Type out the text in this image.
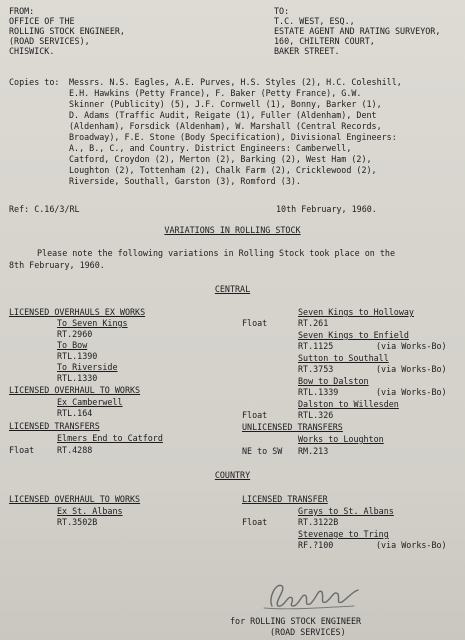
FROM:
OFFICE OF THE
ROLLING STOCK ENGINEER,
(ROAD SERVICES),
CHISWICK.
TO:
T.C. WEST, ESQ.,
ESTATE AGENT AND RATING SURVEYOR,
160, CHILTERN COURT,
BAKER STREET.
Copies to: Messrs. N.S. Eagles, A.E. Purves, H.S. Styles (2), H.C. Coleshill,
E.H. Hawkins (Petty France), F. Baker (Petty France), G.W.
Skinner (Publicity) (5), J.F. Cornwell (1), Bonny, Barker (1),
D. Adams (Traffic Audit, Reigate (1), Fuller (Aldenham), Dent
(Aldenham), Forsdick (Aldenham), W. Marshall (Central Records,
Broadway), F.E. Stone (Body Specification), Divisional Engineers:
A., B., C., and Country. District Engineers: Camberwell,
Catford, Croydon (2), Merton (2), Barking (2), West Ham (2),
Loughton (2), Tottenham (2), Chalk Farm (2), Cricklewood (2),
Riverside, Southall, Garston (3), Romford (3).
Ref: C.16/3/RL	10th February, 1960.
VARIATIONS IN ROLLING STOCK
Please note the following variations in Rolling Stock took place on the
8th February, 1960.
CENTRAL
LICENSED OVERHAULS EX WORKS
To Seven Kings
RT.2960
To Bow
RTL.1390
To Riverside
RTL.1330
LICENSED OVERHAUL TO WORKS
Ex Camberwell
RTL.164
LICENSED TRANSFERS
Elmers End to Catford
Float	RT.4288
Seven Kings to Holloway
Float	RT.261
Seven Kings to Enfield
RT.1125	(via Works-Bo)
Sutton to Southall
RT.3753	(via Works-Bo)
Bow to Dalston
RTL.1339	(via Works-Bo)
Dalston to Willesden
Float	RTL.326
UNLICENSED TRANSFERS
Works to Loughton
NE to SW RM.213
COUNTRY
LICENSED OVERHAUL TO WORKS
Ex St. Albans
RT.3502B
LICENSED TRANSFER
Grays to St. Albans
Float	RT.3122B
Stevenage to Tring
RF.?100	(via Works-Bo)
for ROLLING STOCK ENGINEER
(ROAD SERVICES)
